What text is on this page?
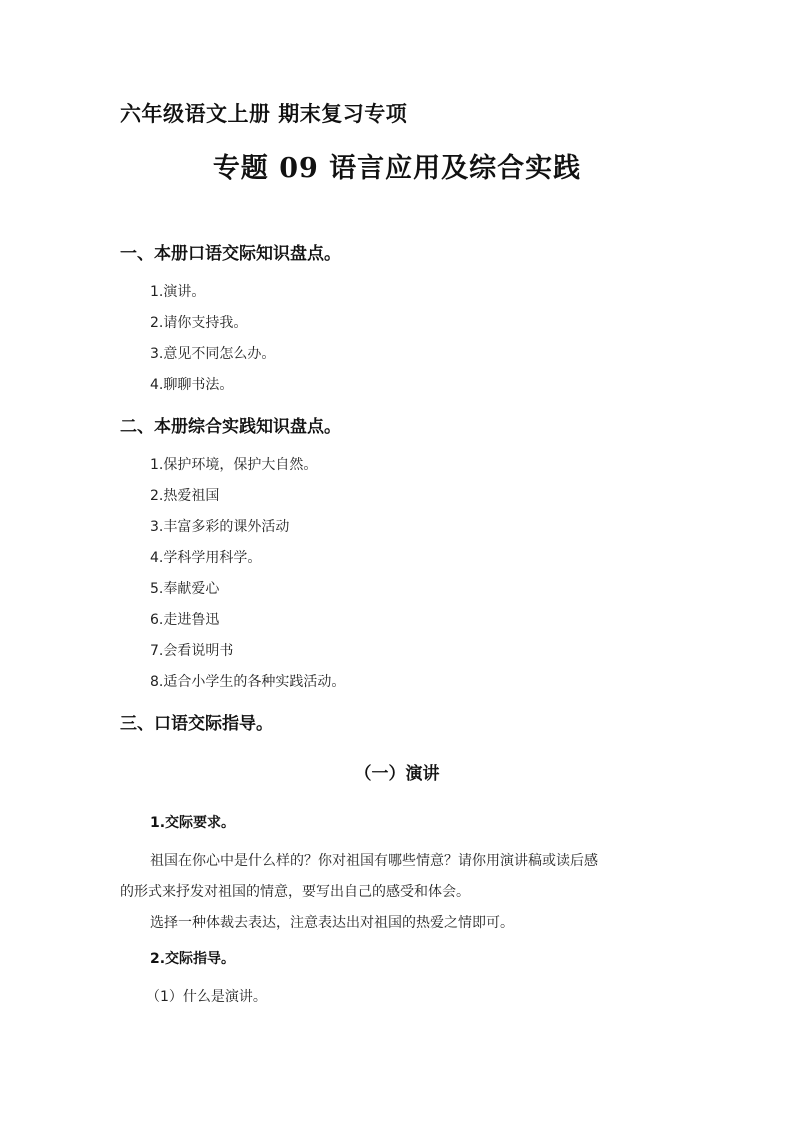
六年级语文上册 期末复习专项
专题 09 语言应用及综合实践
一、本册口语交际知识盘点。
1.演讲。
2.请你支持我。
3.意见不同怎么办。
4.聊聊书法。
二、本册综合实践知识盘点。
1.保护环境，保护大自然。
2.热爱祖国
3.丰富多彩的课外活动
4.学科学用科学。
5.奉献爱心
6.走进鲁迅
7.会看说明书
8.适合小学生的各种实践活动。
三、口语交际指导。
（一）演讲
1.交际要求。
祖国在你心中是什么样的？你对祖国有哪些情意？请你用演讲稿或读后感
的形式来抒发对祖国的情意，要写出自己的感受和体会。
选择一种体裁去表达，注意表达出对祖国的热爱之情即可。
2.交际指导。
（1）什么是演讲。
